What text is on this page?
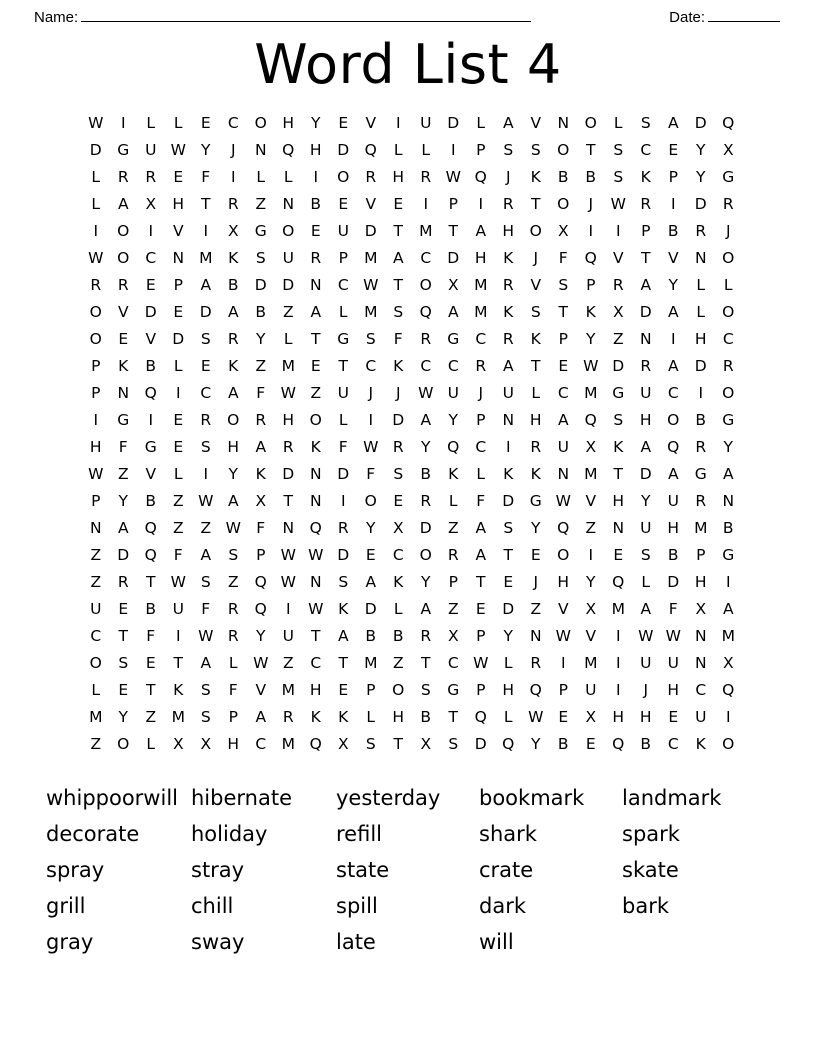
Name:	Date:
Word List 4
W	I	L	L	E	C	O	H	Y	E	V	I	U	D	L	A	V	N	O	L	S	A	D Q
D	G	U W Y	J	N	Q	H	D Q	L	L	I	P	S	S	O	T	S	C	E	Y	X
L	R	R	E	F	I	L	L	I	O	R	H	R W Q	J	K	B	B	S	K	P	Y	G
L	A	X	H	T	R	Z	N	B	E	V	E	I	P	I	R	T	O	J	W R	I	D	R
I	O	I	V	I	X	G O	E	U	D	T	M	T	A	H	O	X	I	I	P	B	R	J
W O	C	N M	K	S	U	R	P	M	A	C	D	H	K	J	F	Q	V	T	V	N	O
R	R	E	P	A	B	D	D	N	C W T	O	X	M R	V	S	P	R	A	Y	L	L
O	V	D	E	D	A	B	Z	A	L	M	S	Q	A	M	K	S	T	K	X	D	A	L	O
O	E	V	D	S	R	Y	L	T	G	S	F	R	G	C	R	K	P	Y	Z	N	I	H	C
P	K	B	L	E	K	Z	M	E	T	C	K	C	C	R	A	T	E W D	R	A	D	R
P	N	Q	I	C	A	F W Z	U	J	J	W U	J	U	L	C M G	U	C	I	O
I	G	I	E	R	O	R	H	O	L	I	D	A	Y	P	N	H	A	Q	S	H	O	B	G
H	F	G	E	S	H	A	R	K	F W R	Y	Q	C	I	R	U	X	K	A	Q	R	Y
W Z	V	L	I	Y	K	D	N	D	F	S	B	K	L	K	K	N M	T	D	A	G	A
P	Y	B	Z W A	X	T	N	I	O	E	R	L	F	D	G W V	H	Y	U	R	N
N	A	Q	Z	Z W F	N	Q	R	Y	X	D	Z	A	S	Y	Q	Z	N	U	H M B
Z	D Q	F	A	S	P W W D	E	C	O	R	A	T	E	O	I	E	S	B	P	G
Z	R	T W S	Z	Q W N	S	A	K	Y	P	T	E	J	H	Y	Q	L	D	H	I
U	E	B	U	F	R	Q	I	W K	D	L	A	Z	E	D	Z	V	X	M	A	F	X	A
C	T	F	I	W R	Y	U	T	A	B	B	R	X	P	Y	N W V	I	W W N M
O	S	E	T	A	L	W Z	C	T	M	Z	T	C W	L	R	I	M	I	U	U	N	X
L	E	T	K	S	F	V	M H	E	P	O	S	G	P	H	Q	P	U	I	J	H	C	Q
M	Y	Z	M	S	P	A	R	K	K	L	H	B	T	Q	L	W E	X	H	H	E	U	I
Z	O	L	X	X	H	C M Q	X	S	T	X	S	D Q	Y	B	E	Q	B	C	K	O
whippoorwill hibernate	yesterday	bookmark	landmark
decorate	holiday	refill	shark	spark
spray	stray	state	crate	skate
grill	chill	spill	dark	bark
gray	sway	late	will
